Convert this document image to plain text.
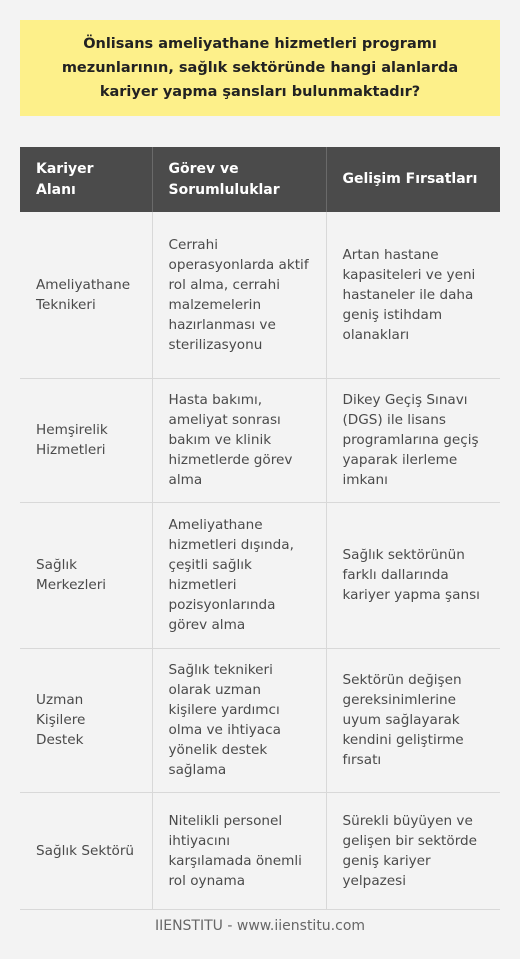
Önlisans ameliyathane hizmetleri programı mezunlarının, sağlık sektöründe hangi alanlarda kariyer yapma şansları bulunmaktadır?
Kariyer Alanı	Görev ve Sorumluluklar	Gelişim Fırsatları
Ameliyathane Teknikeri	Cerrahi operasyonlarda aktif rol alma, cerrahi malzemelerin hazırlanması ve sterilizasyonu	Artan hastane kapasiteleri ve yeni hastaneler ile daha geniş istihdam olanakları
Hemşirelik Hizmetleri	Hasta bakımı, ameliyat sonrası bakım ve klinik hizmetlerde görev alma	Dikey Geçiş Sınavı (DGS) ile lisans programlarına geçiş yaparak ilerleme imkanı
Sağlık Merkezleri	Ameliyathane hizmetleri dışında, çeşitli sağlık hizmetleri pozisyonlarında görev alma	Sağlık sektörünün farklı dallarında kariyer yapma şansı
Uzman Kişilere Destek	Sağlık teknikeri olarak uzman kişilere yardımcı olma ve ihtiyaca yönelik destek sağlama	Sektörün değişen gereksinimlerine uyum sağlayarak kendini geliştirme fırsatı
Sağlık Sektörü	Nitelikli personel ihtiyacını karşılamada önemli rol oynama	Sürekli büyüyen ve gelişen bir sektörde geniş kariyer yelpazesi
IIENSTITU - www.iienstitu.com
